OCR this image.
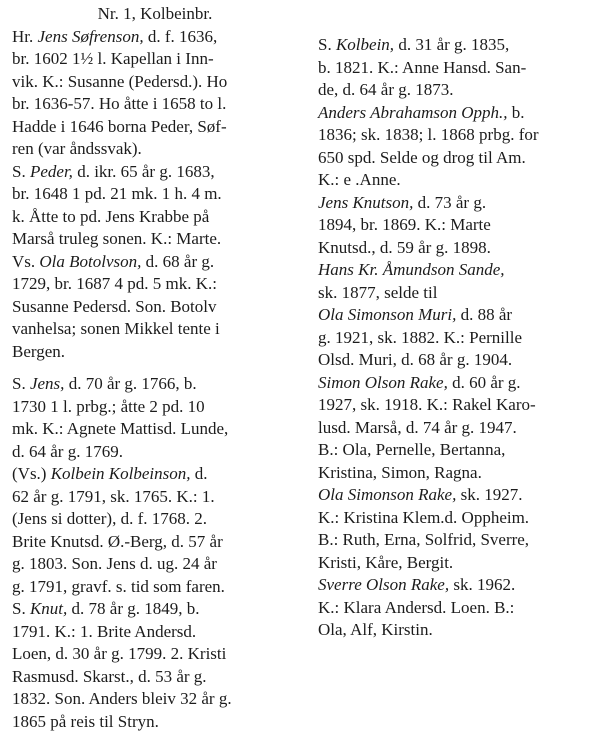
Nr. 1, Kolbeinbr.
Hr. Jens Søfrenson, d. f. 1636,
br. 1602 1½ l. Kapellan i Inn-
vik. K.: Susanne (Pedersd.). Ho
br. 1636-57. Ho åtte i 1658 to l.
Hadde i 1646 borna Peder, Søf-
ren (var åndssvak).
S. Peder, d. ikr. 65 år g. 1683,
br. 1648 1 pd. 21 mk. 1 h. 4 m.
k. Åtte to pd. Jens Krabbe på
Marså truleg sonen. K.: Marte.
Vs. Ola Botolvson, d. 68 år g.
1729, br. 1687 4 pd. 5 mk. K.:
Susanne Pedersd. Son. Botolv
vanhelsa; sonen Mikkel tente i
Bergen.
S. Jens, d. 70 år g. 1766, b.
1730 1 l. prbg.; åtte 2 pd. 10
mk. K.: Agnete Mattisd. Lunde,
d. 64 år g. 1769.
(Vs.) Kolbein Kolbeinson, d.
62 år g. 1791, sk. 1765. K.: 1.
(Jens si dotter), d. f. 1768. 2.
Brite Knutsd. Ø.-Berg, d. 57 år
g. 1803. Son. Jens d. ug. 24 år
g. 1791, gravf. s. tid som faren.
S. Knut, d. 78 år g. 1849, b.
1791. K.: 1. Brite Andersd.
Loen, d. 30 år g. 1799. 2. Kristi
Rasmusd. Skarst., d. 53 år g.
1832. Son. Anders bleiv 32 år g.
1865 på reis til Stryn.
S. Kolbein, d. 31 år g. 1835,
b. 1821. K.: Anne Hansd. San-
de, d. 64 år g. 1873.
Anders Abrahamson Opph., b.
1836; sk. 1838; l. 1868 prbg. for
650 spd. Selde og drog til Am.
K.: e .Anne.
Jens Knutson, d. 73 år g.
1894, br. 1869. K.: Marte
Knutsd., d. 59 år g. 1898.
Hans Kr. Åmundson Sande,
sk. 1877, selde til
Ola Simonson Muri, d. 88 år
g. 1921, sk. 1882. K.: Pernille
Olsd. Muri, d. 68 år g. 1904.
Simon Olson Rake, d. 60 år g.
1927, sk. 1918. K.: Rakel Karo-
lusd. Marså, d. 74 år g. 1947.
B.: Ola, Pernelle, Bertanna,
Kristina, Simon, Ragna.
Ola Simonson Rake, sk. 1927.
K.: Kristina Klem.d. Oppheim.
B.: Ruth, Erna, Solfrid, Sverre,
Kristi, Kåre, Bergit.
Sverre Olson Rake, sk. 1962.
K.: Klara Andersd. Loen. B.:
Ola, Alf, Kirstin.
